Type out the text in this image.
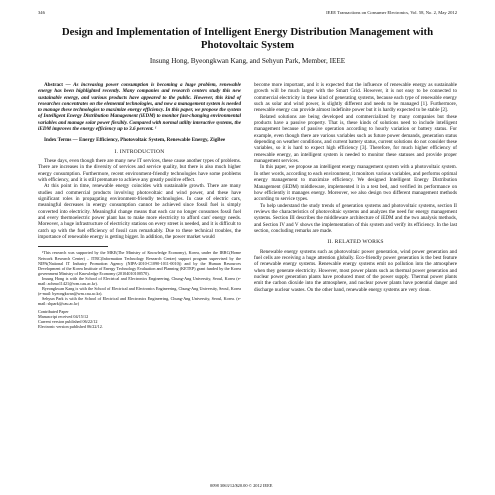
346	IEEE Transactions on Consumer Electronics, Vol. 58, No. 2, May 2012
Design and Implementation of Intelligent Energy Distribution Management with Photovoltaic System
Insung Hong, Byeongkwan Kang, and Sehyun Park, Member, IEEE

Abstract — As increasing power consumption is becoming a huge problem, renewable energy has been highlighted recently. Many companies and research centers study this new sustainable energy, and various products have appeared to the public. However, this kind of researches concentrates on the elemental technologies, and now a management system is needed to manage these technologies to maximize energy efficiency. In this paper, we propose the system of Intelligent Energy Distribution Management (iEDM) to monitor fast-changing environmental variables and manage solar power flexibly. Compared with normal utility interactive systems, the iEDM improves the energy efficiency up to 3.6 percent. ¹

Index Terms — Energy Efficiency, Photovoltaic System, Renewable Energy, ZigBee

I. INTRODUCTION

These days, even though there are many new IT services, these cause another types of problems. There are increases in the diversity of services and service quality, but there is also much higher energy consumption. Furthermore, recent environment-friendly technologies have some problems with efficiency, and it is still premature to achieve any greatly positive effect.

At this point in time, renewable energy coincides with sustainable growth. There are many studies and commercial products involving photovoltaic and wind power, and these have significant roles in propagating environment-friendly technologies. In case of electric cars, meaningful decreases in energy consumption cannot be achieved since fossil fuel is simply converted into electricity. Meaningful change means that each car no longer consumes fossil fuel and every thermoelectric power plant has to make more electricity to afford cars' energy needs. Moreover, a huge infrastructure of electricity stations on every street is needed, and it is difficult to catch up with the fuel efficiency of fossil cars remarkably. Due to these technical troubles, the importance of renewable energy is getting bigger. In addition, the power market would

¹This research was supported by the MKE(The Ministry of Knowledge Economy), Korea, under the IRRC(Home Network Research Center) – ITRC(Information Technology Research Center) support program supervised by the NIPA(National IT Industry Promotion Agency (NIPA-2010-C1090-1011-0010)) and by the Human Resources Development of the Korea Institute of Energy Technology Evaluation and Planning (KETEP) grant funded by the Korea government Ministry of Knowledge Economy (20104010100570).

Insung Hong is with the School of Electrical and Electronics Engineering, Chung-Ang University, Seoul, Korea (e-mail: achmo11421@wm.cau.ac.kr).

Byeongkwan Kang is with the School of Electrical and Electronics Engineering, Chung-Ang University, Seoul, Korea (e-mail: byeongkwan@wm.cau.ac.kr).

Sehyun Park is with the School of Electrical and Electronics Engineering, Chung-Ang University, Seoul, Korea. (e-mail: shpark@cau.ac.kr)

Contributed Paper
Manuscript received 04/15/12
Current version published 06/22/12
Electronic version published 06/22/12.

become more important, and it is expected that the influence of renewable energy as sustainable growth will be much larger with the Smart Grid. However, it is not easy to be connected to commercial electricity in these kind of generating systems, because each type of renewable energy such as solar and wind power, is slightly different and needs to be managed [1]. Furthermore, renewable energy can provide almost indefinite power but it is hardly expected to be stable [2].

Related solutions are being developed and commercialized by many companies but these products have a passive property. That is, these kinds of solutions need to include intelligent management because of passive operation according to hourly variation or battery status. For example, even though there are various variables such as future power demands, generation status depending on weather conditions, and current battery status, current solutions do not consider these variables, so it is hard to expect high efficiency [3]. Therefore, for much higher efficiency of renewable energy, an intelligent system is needed to monitor these statuses and provide proper management services.

In this paper, we propose an intelligent energy management system with a photovoltaic system. In other words, according to each environment, it monitors various variables, and performs optimal energy management to maximize efficiency. We designed Intelligent Energy Distribution Management (iEDM) middleware, implemented it in a test bed, and verified its performance on how efficiently it manages energy. Moreover, we also design two different management methods according to service types.

To help understand the study trends of generation systems and photovoltaic systems, section II reviews the characteristics of photovoltaic systems and analyzes the need for energy management systems. Section III describes the middleware architecture of iEDM and the two analysis methods, and Section IV and V shows the implementation of this system and verify its efficiency. In the last section, concluding remarks are made.

II. RELATED WORKS

Renewable energy systems such as photovoltaic power generation, wind power generation and fuel cells are receiving a huge attention globally. Eco-friendly power generation is the best feature of renewable energy systems. Renewable energy systems emit no pollution into the atmosphere when they generate electricity. However, most power plants such as thermal power generation and nuclear power generation plants have produced most of the power supply. Thermal power plants emit the carbon dioxide into the atmosphere, and nuclear power plants have potential danger and discharge nuclear wastes. On the other hand, renewable energy systems are very clean.

0098 3063/12/$20.00 © 2012 IEEE
